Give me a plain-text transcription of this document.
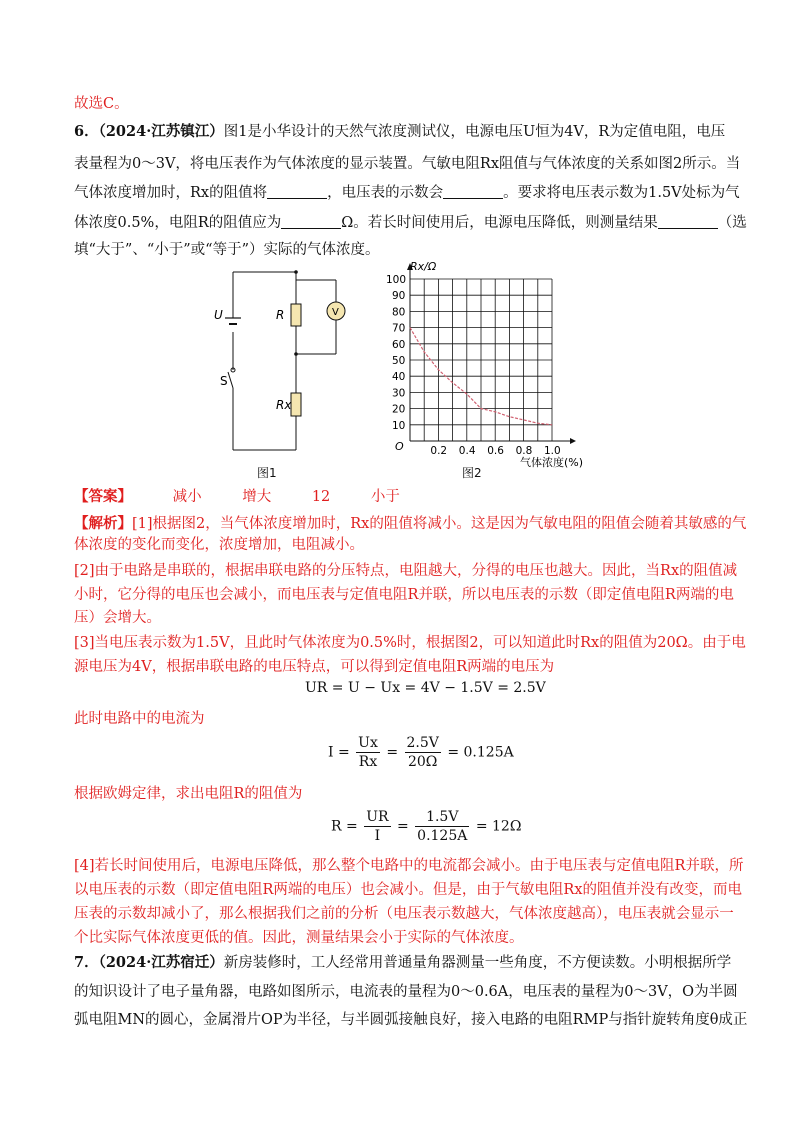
故选C。
6．（2024·江苏镇江）图1是小华设计的天然气浓度测试仪，电源电压U恒为4V，R为定值电阻，电压
表量程为0～3V，将电压表作为气体浓度的显示装置。气敏电阻Rx阻值与气体浓度的关系如图2所示。当
气体浓度增加时，Rx的阻值将	，电压表的示数会	。要求将电压表示数为1.5V处标为气
体浓度0.5%，电阻R的阻值应为	Ω。若长时间使用后，电源电压降低，则测量结果	（选
填“大于”、“小于”或“等于”）实际的气体浓度。
U
S
R
Rx
V
图1
0.2 0.4 0.6 0.8 1.0
10
20
30
40
50
60
70
80
90
100
Rx/Ω
O
气体浓度(%)
图2
【答案】	减小	增大	12	小于
【解析】[1]根据图2，当气体浓度增加时，Rx的阻值将减小。这是因为气敏电阻的阻值会随着其敏感的气
体浓度的变化而变化，浓度增加，电阻减小。
[2]由于电路是串联的，根据串联电路的分压特点，电阻越大，分得的电压也越大。因此，当Rx的阻值减
小时，它分得的电压也会减小，而电压表与定值电阻R并联，所以电压表的示数（即定值电阻R两端的电
压）会增大。
[3]当电压表示数为1.5V，且此时气体浓度为0.5%时，根据图2，可以知道此时Rx的阻值为20Ω。由于电
源电压为4V，根据串联电路的电压特点，可以得到定值电阻R两端的电压为
UR = U − Ux = 4V − 1.5V = 2.5V
此时电路中的电流为
$I = \frac{Ux}{Rx} = \frac{2.5V}{20\Omega} = 0.125A$
根据欧姆定律，求出电阻R的阻值为
$R = \frac{UR}{I} = \frac{1.5V}{0.125A} = 12\Omega$
[4]若长时间使用后，电源电压降低，那么整个电路中的电流都会减小。由于电压表与定值电阻R并联，所
以电压表的示数（即定值电阻R两端的电压）也会减小。但是，由于气敏电阻Rx的阻值并没有改变，而电
压表的示数却减小了，那么根据我们之前的分析（电压表示数越大，气体浓度越高），电压表就会显示一
个比实际气体浓度更低的值。因此，测量结果会小于实际的气体浓度。
7．（2024·江苏宿迁）新房装修时，工人经常用普通量角器测量一些角度，不方便读数。小明根据所学
的知识设计了电子量角器，电路如图所示，电流表的量程为0～0.6A，电压表的量程为0～3V，O为半圆
弧电阻MN的圆心，金属滑片OP为半径，与半圆弧接触良好，接入电路的电阻RMP与指针旋转角度θ成正
